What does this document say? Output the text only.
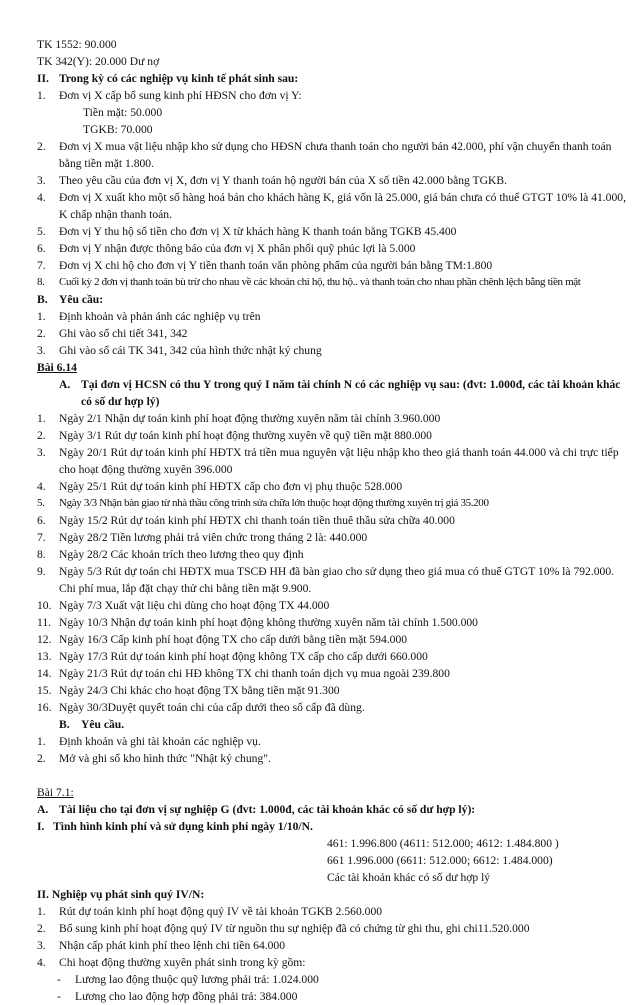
TK 1552: 90.000
TK 342(Y): 20.000 Dư nợ
II. Trong kỳ có các nghiệp vụ kinh tế phát sinh sau:
1. Đơn vị X cấp bổ sung kinh phí HĐSN cho đơn vị Y:
Tiền mặt: 50.000
TGKB: 70.000
2. Đơn vị X mua vật liệu nhập kho sử dụng cho HĐSN chưa thanh toán cho người bán 42.000, phí vận chuyển thanh toán bằng tiền mặt 1.800.
3. Theo yêu cầu của đơn vị X, đơn vị Y thanh toán hộ người bán của X số tiền 42.000 bằng TGKB.
4. Đơn vị X xuất kho một số hàng hoá bán cho khách hàng K, giá vốn là 25.000, giá bán chưa có thuế GTGT 10% là 41.000, K chấp nhận thanh toán.
5. Đơn vị Y thu hộ số tiền cho đơn vị X từ khách hàng K thanh toán bằng TGKB 45.400
6. Đơn vị Y nhận được thông báo của đơn vị X phân phối quỹ phúc lợi là 5.000
7. Đơn vị X chi hộ cho đơn vị Y tiền thanh toán văn phòng phẩm của người bán bằng TM:1.800
8. Cuối kỳ 2 đơn vị thanh toán bù trừ cho nhau về các khoản chi hộ, thu hộ.. và thanh toán cho nhau phần chênh lệch bằng tiền mặt
B. Yêu cầu:
1. Định khoản và phản ánh các nghiệp vụ trên
2. Ghi vào sổ chi tiết 341, 342
3. Ghi vào sổ cái TK 341, 342 của hình thức nhật ký chung
Bài 6.14
A. Tại đơn vị HCSN có thu Y trong quý I năm tài chính N có các nghiệp vụ sau: (đvt: 1.000đ, các tài khoản khác có số dư hợp lý)
1. Ngày 2/1 Nhận dự toán kinh phí hoạt động thường xuyên năm tài chính 3.960.000
2. Ngày 3/1 Rút dự toán kinh phí hoạt động thường xuyên về quỹ tiền mặt 880.000
3. Ngày 20/1 Rút dự toán kinh phí HĐTX trả tiền mua nguyên vật liệu nhập kho theo giá thanh toán 44.000 và chi trực tiếp cho hoạt động thường xuyên 396.000
4. Ngày 25/1 Rút dự toán kinh phí HĐTX cấp cho đơn vị phụ thuộc 528.000
5. Ngày 3/3 Nhận bàn giao từ nhà thầu công trình sửa chữa lớn thuộc hoạt động thường xuyên trị giá 35.200
6. Ngày 15/2 Rút dự toán kinh phí HĐTX chi thanh toán tiền thuê thầu sửa chữa 40.000
7. Ngày 28/2 Tiền lương phải trả viên chức trong tháng 2 là: 440.000
8. Ngày 28/2 Các khoản trích theo lương theo quy định
9. Ngày 5/3 Rút dự toán chi HĐTX mua TSCĐ HH đã bàn giao cho sử dụng theo giá mua có thuế GTGT 10% là 792.000. Chi phí mua, lắp đặt chạy thử chi bằng tiền mặt 9.900.
10. Ngày 7/3 Xuất vật liệu chi dùng cho hoạt động TX 44.000
11. Ngày 10/3 Nhận dự toán kinh phí hoạt động không thường xuyên năm tài chính 1.500.000
12. Ngày 16/3 Cấp kinh phí hoạt động TX cho cấp dưới bằng tiền mặt 594.000
13. Ngày 17/3 Rút dự toán kinh phí hoạt động không TX cấp cho cấp dưới 660.000
14. Ngày 21/3 Rút dự toán chi HĐ không TX chi thanh toán dịch vụ mua ngoài 239.800
15. Ngày 24/3 Chi khác cho hoạt động TX bằng tiền mặt 91.300
16. Ngày 30/3Duyệt quyết toán chi của cấp dưới theo số cấp đã dùng.
B. Yêu cầu.
1. Định khoản và ghi tài khoản các nghiệp vụ.
2. Mở và ghi sổ kho hình thức "Nhật ký chung".
Bài 7.1:
A. Tài liệu cho tại đơn vị sự nghiệp G (đvt: 1.000đ, các tài khoản khác có số dư hợp lý):
I. Tình hình kinh phí và sử dụng kinh phí ngày 1/10/N.
461: 1.996.800 (4611: 512.000; 4612: 1.484.800 )
661 1.996.000 (6611: 512.000; 6612: 1.484.000)
Các tài khoản khác có số dư hợp lý
II. Nghiệp vụ phát sinh quý IV/N:
1. Rút dự toán kinh phí hoạt động quý IV về tài khoản TGKB 2.560.000
2. Bổ sung kinh phí hoạt động quý IV từ nguồn thu sự nghiệp đã có chứng từ ghi thu, ghi chi11.520.000
3. Nhận cấp phát kinh phí theo lệnh chi tiền 64.000
4. Chi hoạt động thường xuyên phát sinh trong kỳ gồm:
- Lương lao động thuộc quỹ lương phải trả: 1.024.000
- Lương cho lao động hợp đồng phải trả: 384.000
